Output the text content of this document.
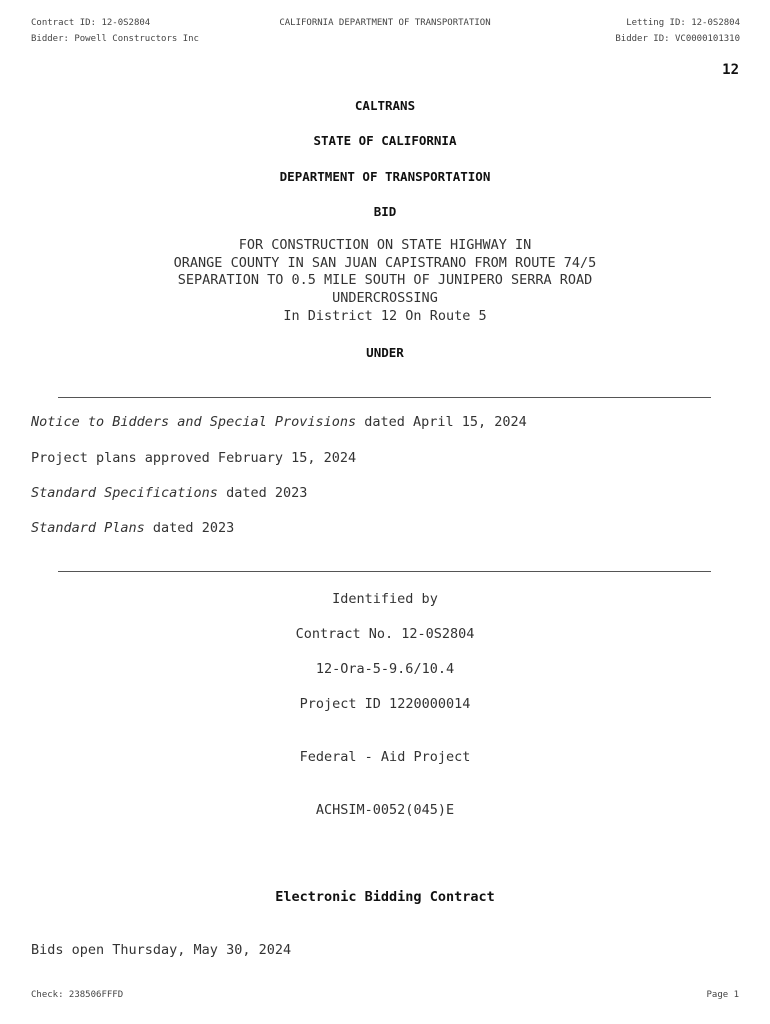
Contract ID: 12-0S2804	CALIFORNIA DEPARTMENT OF TRANSPORTATION	Letting ID: 12-0S2804
Bidder: Powell Constructors Inc	Bidder ID: VC0000101310
12
CALTRANS
STATE OF CALIFORNIA
DEPARTMENT OF TRANSPORTATION
BID
FOR CONSTRUCTION ON STATE HIGHWAY IN
ORANGE COUNTY IN SAN JUAN CAPISTRANO FROM ROUTE 74/5
SEPARATION TO 0.5 MILE SOUTH OF JUNIPERO SERRA ROAD
UNDERCROSSING
In District 12 On Route 5
UNDER
Notice to Bidders and Special Provisions dated April 15, 2024
Project plans approved February 15, 2024
Standard Specifications dated 2023
Standard Plans dated 2023
Identified by
Contract No. 12-0S2804
12-Ora-5-9.6/10.4
Project ID 1220000014
Federal - Aid Project
ACHSIM-0052(045)E
Electronic Bidding Contract
Bids open Thursday, May 30, 2024
Check: 238506FFFD	Page 1
